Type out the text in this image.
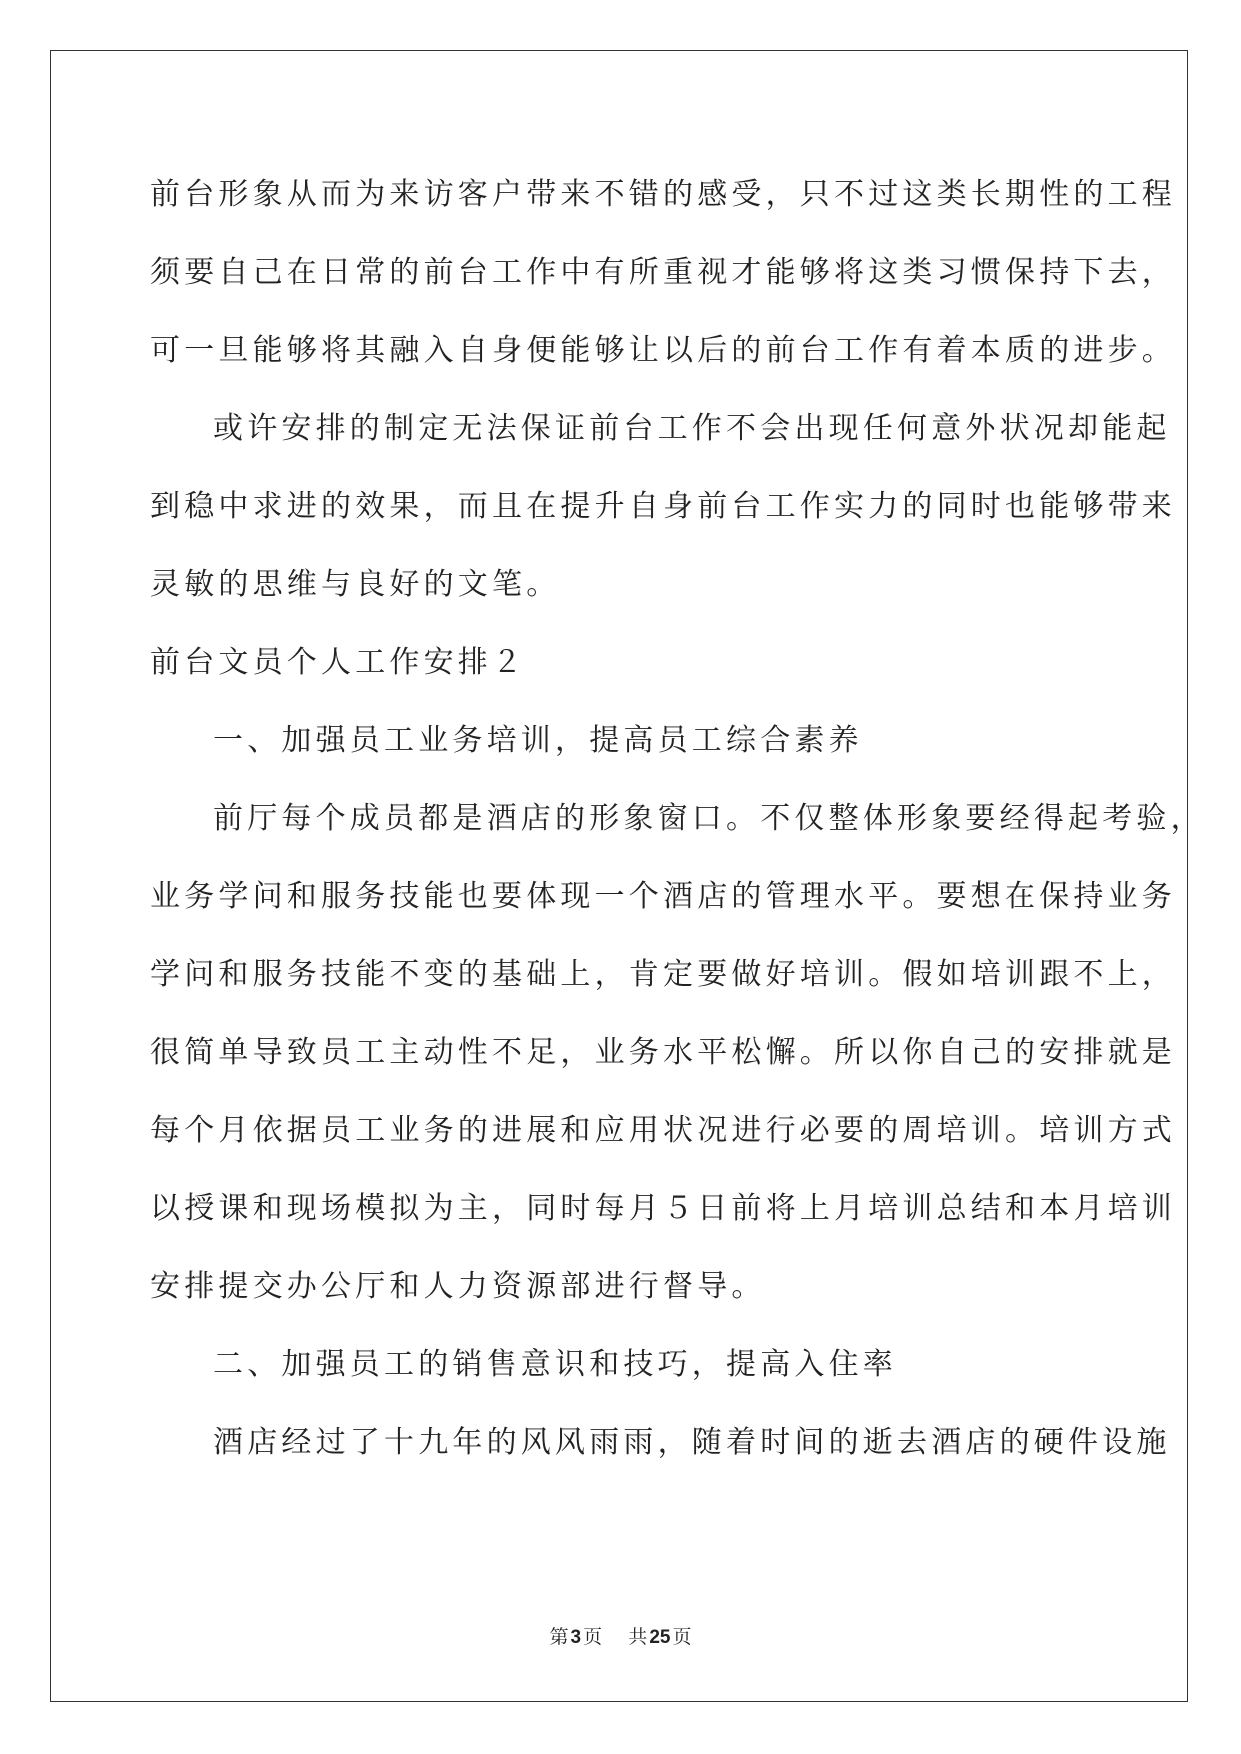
前台形象从而为来访客户带来不错的感受，只不过这类长期性的工程
须要自己在日常的前台工作中有所重视才能够将这类习惯保持下去，
可一旦能够将其融入自身便能够让以后的前台工作有着本质的进步。
或许安排的制定无法保证前台工作不会出现任何意外状况却能起
到稳中求进的效果，而且在提升自身前台工作实力的同时也能够带来
灵敏的思维与良好的文笔。
前台文员个人工作安排２
一、加强员工业务培训，提高员工综合素养
前厅每个成员都是酒店的形象窗口。不仅整体形象要经得起考验，
业务学问和服务技能也要体现一个酒店的管理水平。要想在保持业务
学问和服务技能不变的基础上，肯定要做好培训。假如培训跟不上，
很简单导致员工主动性不足，业务水平松懈。所以你自己的安排就是
每个月依据员工业务的进展和应用状况进行必要的周培训。培训方式
以授课和现场模拟为主，同时每月５日前将上月培训总结和本月培训
安排提交办公厅和人力资源部进行督导。
二、加强员工的销售意识和技巧，提高入住率
酒店经过了十九年的风风雨雨，随着时间的逝去酒店的硬件设施
第 3 页 共 25 页
